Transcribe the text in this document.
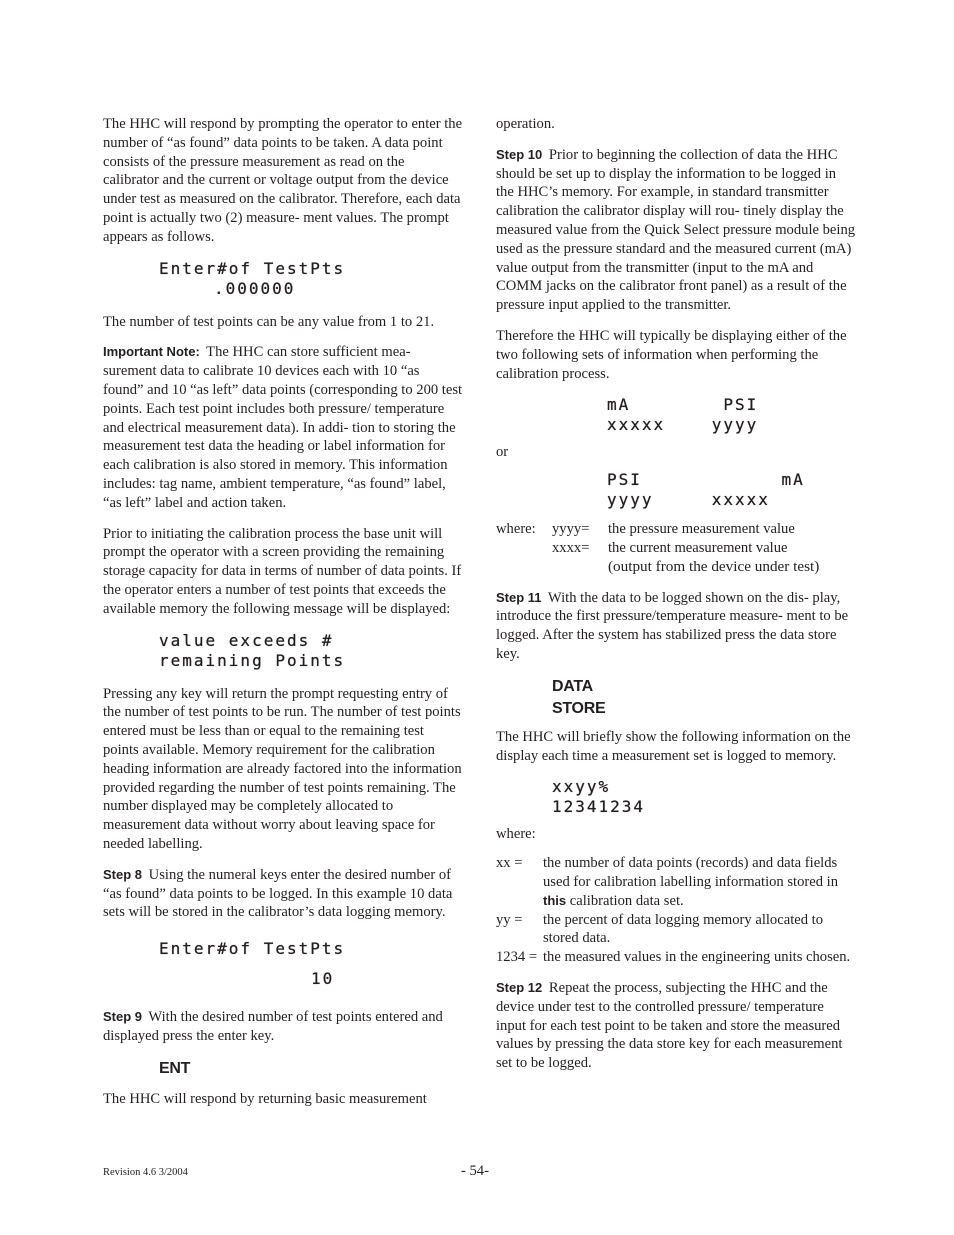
The HHC will respond by prompting the operator to enter the number of “as found” data points to be taken. A data point consists of the pressure measurement as read on the calibrator and the current or voltage output from the device under test as measured on the calibrator. Therefore, each data point is actually two (2) measure- ment values. The prompt appears as follows.

Enter#of TestPts
.000000

The number of test points can be any value from 1 to 21.

Important Note: The HHC can store sufficient mea- surement data to calibrate 10 devices each with 10 “as found” and 10 “as left” data points (corresponding to 200 test points. Each test point includes both pressure/ temperature and electrical measurement data). In addi- tion to storing the measurement test data the heading or label information for each calibration is also stored in memory. This information includes: tag name, ambient temperature, “as found” label, “as left” label and action taken.

Prior to initiating the calibration process the base unit will prompt the operator with a screen providing the remaining storage capacity for data in terms of number of data points. If the operator enters a number of test points that exceeds the available memory the following message will be displayed:

value exceeds #
remaining Points

Pressing any key will return the prompt requesting entry of the number of test points to be run. The number of test points entered must be less than or equal to the remaining test points available. Memory requirement for the calibration heading information are already factored into the information provided regarding the number of test points remaining. The number displayed may be completely allocated to measurement data without worry about leaving space for needed labelling.

Step 8 Using the numeral keys enter the desired number of “as found” data points to be logged. In this example 10 data sets will be stored in the calibrator’s data logging memory.

Enter#of TestPts
10

Step 9 With the desired number of test points entered and displayed press the enter key.

ENT

The HHC will respond by returning basic measurement

operation.

Step 10 Prior to beginning the collection of data the HHC should be set up to display the information to be logged in the HHC’s memory. For example, in standard transmitter calibration the calibrator display will rou- tinely display the measured value from the Quick Select pressure module being used as the pressure standard and the measured current (mA) value output from the transmitter (input to the mA and COMM jacks on the calibrator front panel) as a result of the pressure input applied to the transmitter.

Therefore the HHC will typically be displaying either of the two following sets of information when performing the calibration process.

mA        PSI
xxxxx    yyyy

or

PSI            mA
yyyy     xxxxx
where:	yyyy=	the pressure measurement value
xxxx=	the current measurement value
(output from the device under test)

Step 11 With the data to be logged shown on the dis- play, introduce the first pressure/temperature measure- ment to be logged. After the system has stabilized press the data store key.

DATA
STORE

The HHC will briefly show the following information on the display each time a measurement set is logged to memory.

xxyy%
12341234

where:

xx =	the number of data points (records) and data fields used for calibration labelling information stored in this calibration data set.
yy =	the percent of data logging memory allocated to stored data.
1234 = the measured values in the engineering units chosen.

Step 12 Repeat the process, subjecting the HHC and the device under test to the controlled pressure/ temperature input for each test point to be taken and store the measured values by pressing the data store key for each measurement set to be logged.

Revision 4.6 3/2004	- 54-
